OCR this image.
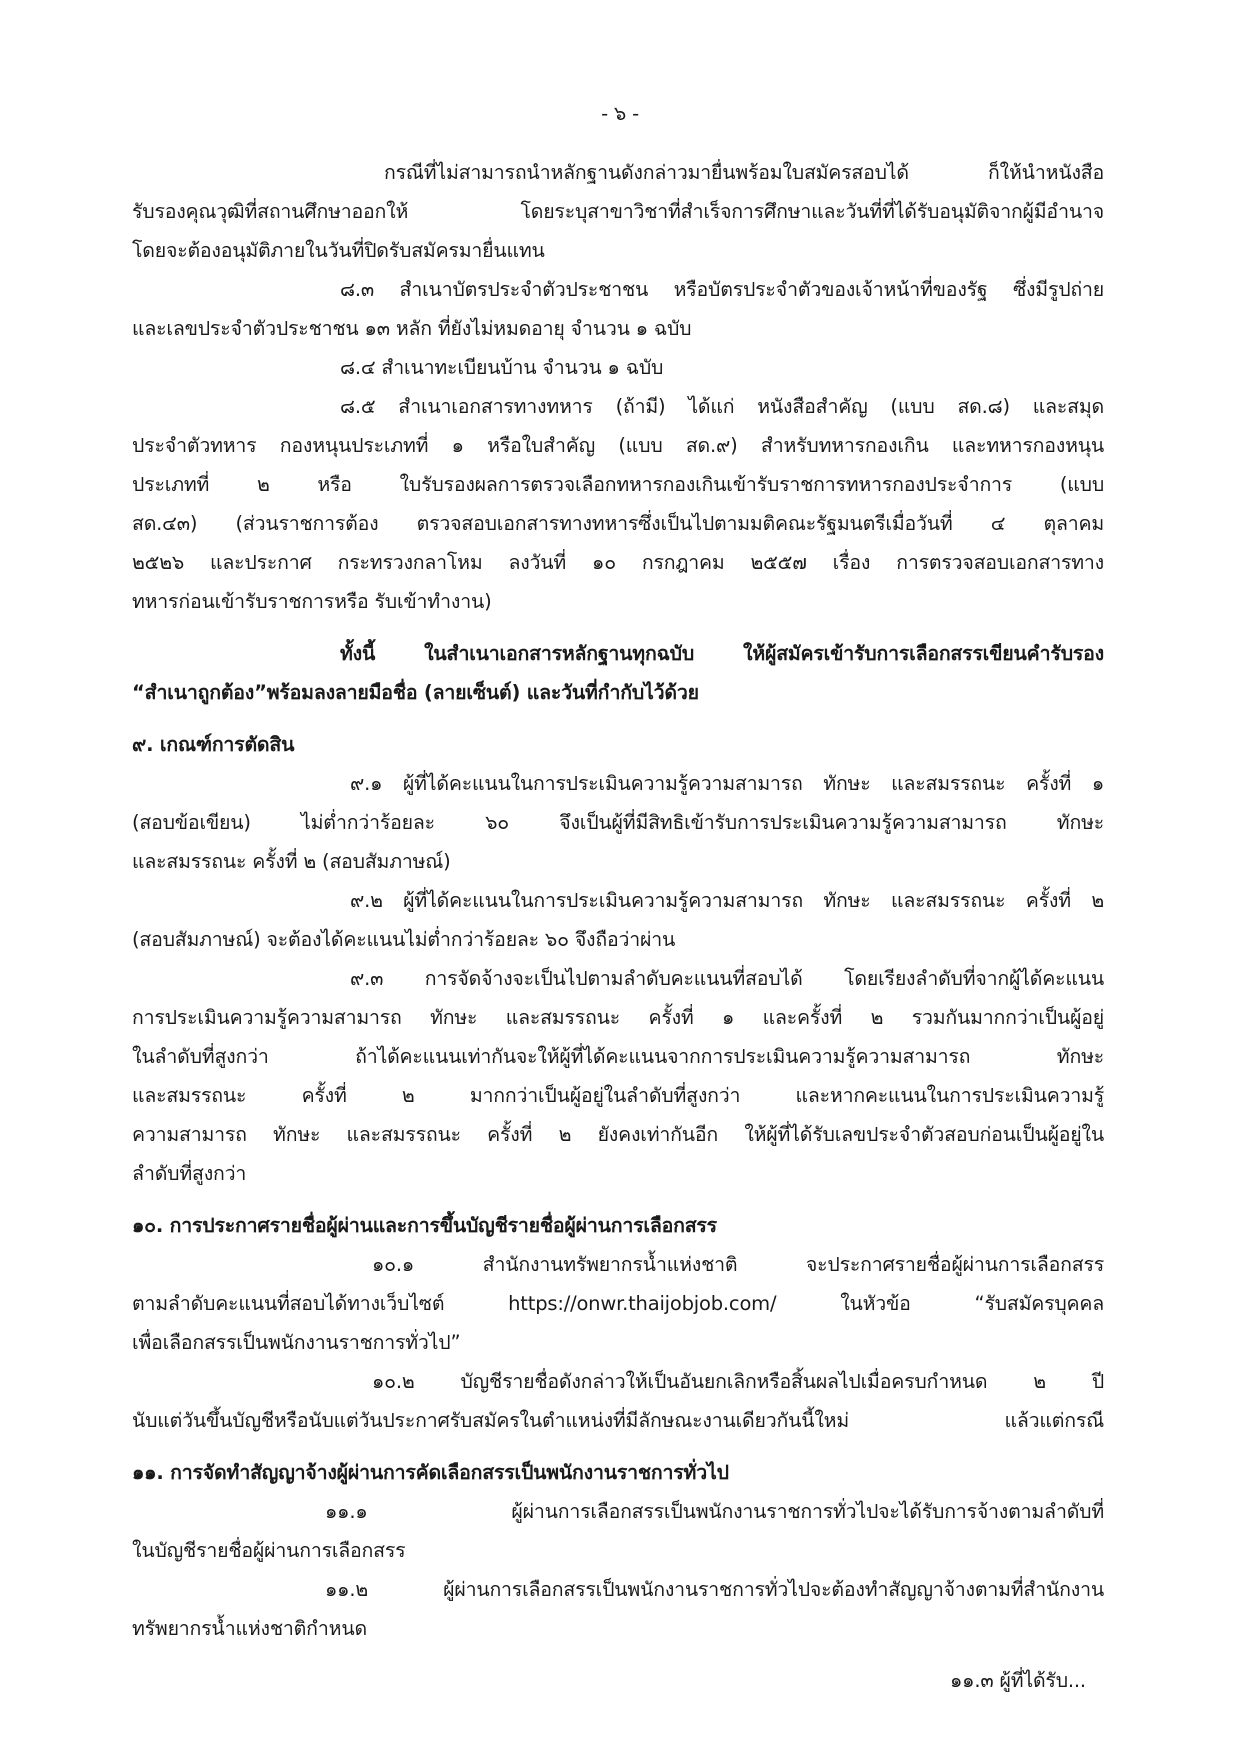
- ๖ -
กรณีที่ไม่สามารถนำหลักฐานดังกล่าวมายื่นพร้อมใบสมัครสอบได้ ก็ให้นำหนังสือ
รับรองคุณวุฒิที่สถานศึกษาออกให้ โดยระบุสาขาวิชาที่สำเร็จการศึกษาและวันที่ที่ได้รับอนุมัติจากผู้มีอำนาจ
โดยจะต้องอนุมัติภายในวันที่ปิดรับสมัครมายื่นแทน
๘.๓ สำเนาบัตรประจำตัวประชาชน หรือบัตรประจำตัวของเจ้าหน้าที่ของรัฐ ซึ่งมีรูปถ่าย
และเลขประจำตัวประชาชน ๑๓ หลัก ที่ยังไม่หมดอายุ จำนวน ๑ ฉบับ
๘.๔ สำเนาทะเบียนบ้าน จำนวน ๑ ฉบับ
๘.๕ สำเนาเอกสารทางทหาร (ถ้ามี) ได้แก่ หนังสือสำคัญ (แบบ สด.๘) และสมุด
ประจำตัวทหาร กองหนุนประเภทที่ ๑ หรือใบสำคัญ (แบบ สด.๙) สำหรับทหารกองเกิน และทหารกองหนุน
ประเภทที่ ๒ หรือ ใบรับรองผลการตรวจเลือกทหารกองเกินเข้ารับราชการทหารกองประจำการ (แบบ
สด.๔๓) (ส่วนราชการต้อง ตรวจสอบเอกสารทางทหารซึ่งเป็นไปตามมติคณะรัฐมนตรีเมื่อวันที่ ๔ ตุลาคม
๒๕๒๖ และประกาศ กระทรวงกลาโหม ลงวันที่ ๑๐ กรกฎาคม ๒๕๕๗ เรื่อง การตรวจสอบเอกสารทาง
ทหารก่อนเข้ารับราชการหรือ รับเข้าทำงาน)
ทั้งนี้ ในสำเนาเอกสารหลักฐานทุกฉบับ ให้ผู้สมัครเข้ารับการเลือกสรรเขียนคำรับรอง
“สำเนาถูกต้อง”พร้อมลงลายมือชื่อ (ลายเซ็นต์) และวันที่กำกับไว้ด้วย
๙. เกณฑ์การตัดสิน
๙.๑ ผู้ที่ได้คะแนนในการประเมินความรู้ความสามารถ ทักษะ และสมรรถนะ ครั้งที่ ๑
(สอบข้อเขียน) ไม่ต่ำกว่าร้อยละ ๖๐ จึงเป็นผู้ที่มีสิทธิเข้ารับการประเมินความรู้ความสามารถ ทักษะ
และสมรรถนะ ครั้งที่ ๒ (สอบสัมภาษณ์)
๙.๒ ผู้ที่ได้คะแนนในการประเมินความรู้ความสามารถ ทักษะ และสมรรถนะ ครั้งที่ ๒
(สอบสัมภาษณ์) จะต้องได้คะแนนไม่ต่ำกว่าร้อยละ ๖๐ จึงถือว่าผ่าน
๙.๓ การจัดจ้างจะเป็นไปตามลำดับคะแนนที่สอบได้ โดยเรียงลำดับที่จากผู้ได้คะแนน
การประเมินความรู้ความสามารถ ทักษะ และสมรรถนะ ครั้งที่ ๑ และครั้งที่ ๒ รวมกันมากกว่าเป็นผู้อยู่
ในลำดับที่สูงกว่า ถ้าได้คะแนนเท่ากันจะให้ผู้ที่ได้คะแนนจากการประเมินความรู้ความสามารถ ทักษะ
และสมรรถนะ ครั้งที่ ๒ มากกว่าเป็นผู้อยู่ในลำดับที่สูงกว่า และหากคะแนนในการประเมินความรู้
ความสามารถ ทักษะ และสมรรถนะ ครั้งที่ ๒ ยังคงเท่ากันอีก ให้ผู้ที่ได้รับเลขประจำตัวสอบก่อนเป็นผู้อยู่ใน
ลำดับที่สูงกว่า
๑๐. การประกาศรายชื่อผู้ผ่านและการขึ้นบัญชีรายชื่อผู้ผ่านการเลือกสรร
๑๐.๑ สำนักงานทรัพยากรน้ำแห่งชาติ จะประกาศรายชื่อผู้ผ่านการเลือกสรร
ตามลำดับคะแนนที่สอบได้ทางเว็บไซต์ https://onwr.thaijobjob.com/ ในหัวข้อ “รับสมัครบุคคล
เพื่อเลือกสรรเป็นพนักงานราชการทั่วไป”
๑๐.๒ บัญชีรายชื่อดังกล่าวให้เป็นอันยกเลิกหรือสิ้นผลไปเมื่อครบกำหนด ๒ ปี
นับแต่วันขึ้นบัญชีหรือนับแต่วันประกาศรับสมัครในตำแหน่งที่มีลักษณะงานเดียวกันนี้ใหม่ แล้วแต่กรณี
๑๑. การจัดทำสัญญาจ้างผู้ผ่านการคัดเลือกสรรเป็นพนักงานราชการทั่วไป
๑๑.๑ ผู้ผ่านการเลือกสรรเป็นพนักงานราชการทั่วไปจะได้รับการจ้างตามลำดับที่
ในบัญชีรายชื่อผู้ผ่านการเลือกสรร
๑๑.๒ ผู้ผ่านการเลือกสรรเป็นพนักงานราชการทั่วไปจะต้องทำสัญญาจ้างตามที่สำนักงาน
ทรัพยากรน้ำแห่งชาติกำหนด
๑๑.๓ ผู้ที่ได้รับ...
